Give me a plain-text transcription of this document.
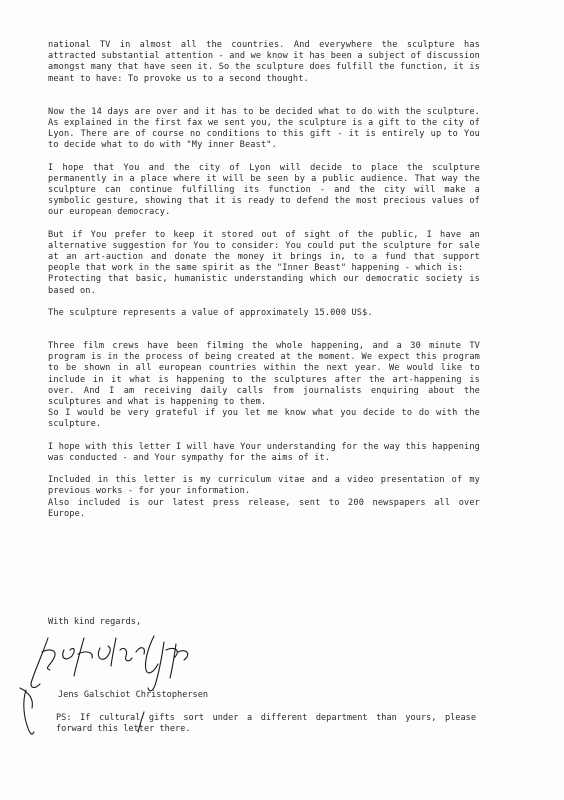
national TV in almost all the countries. And everywhere the sculpture has attracted substantial attention - and we know it has been a subject of discussion amongst many that have seen it. So the sculpture does fulfill the function, it is meant to have: To provoke us to a second thought.

Now the 14 days are over and it has to be decided what to do with the sculpture. As explained in the first fax we sent you, the sculpture is a gift to the city of Lyon. There are of course no conditions to this gift - it is entirely up to You to decide what to do with "My inner Beast".

I hope that You and the city of Lyon will decide to place the sculpture permanently in a place where it will be seen by a public audience. That way the sculpture can continue fulfilling its function - and the city will make a symbolic gesture, showing that it is ready to defend the most precious values of our european democracy.

But if You prefer to keep it stored out of sight of the public, I have an alternative suggestion for You to consider: You could put the sculpture for sale at an art-auction and donate the money it brings in, to a fund that support people that work in the same spirit as the "Inner Beast" happening - which is:
Protecting that basic, humanistic understanding which our democratic society is based on.

The sculpture represents a value of approximately 15.000 US$.

Three film crews have been filming the whole happening, and a 30 minute TV program is in the process of being created at the moment. We expect this program to be shown in all european countries within the next year. We would like to include in it what is happening to the sculptures after the art-happening is over. And I am receiving daily calls from journalists enquiring about the sculptures and what is happening to them.
So I would be very grateful if you let me know what you decide to do with the sculpture.

I hope with this letter I will have Your understanding for the way this happening was conducted - and Your sympathy for the aims of it.

Included in this letter is my curriculum vitae and a video presentation of my previous works - for your information.
Also included is our latest press release, sent to 200 newspapers all over Europe.

With kind regards,
Jens Galschiot Christophersen
PS: If cultural gifts sort under a different department than yours, please forward this letter there.
